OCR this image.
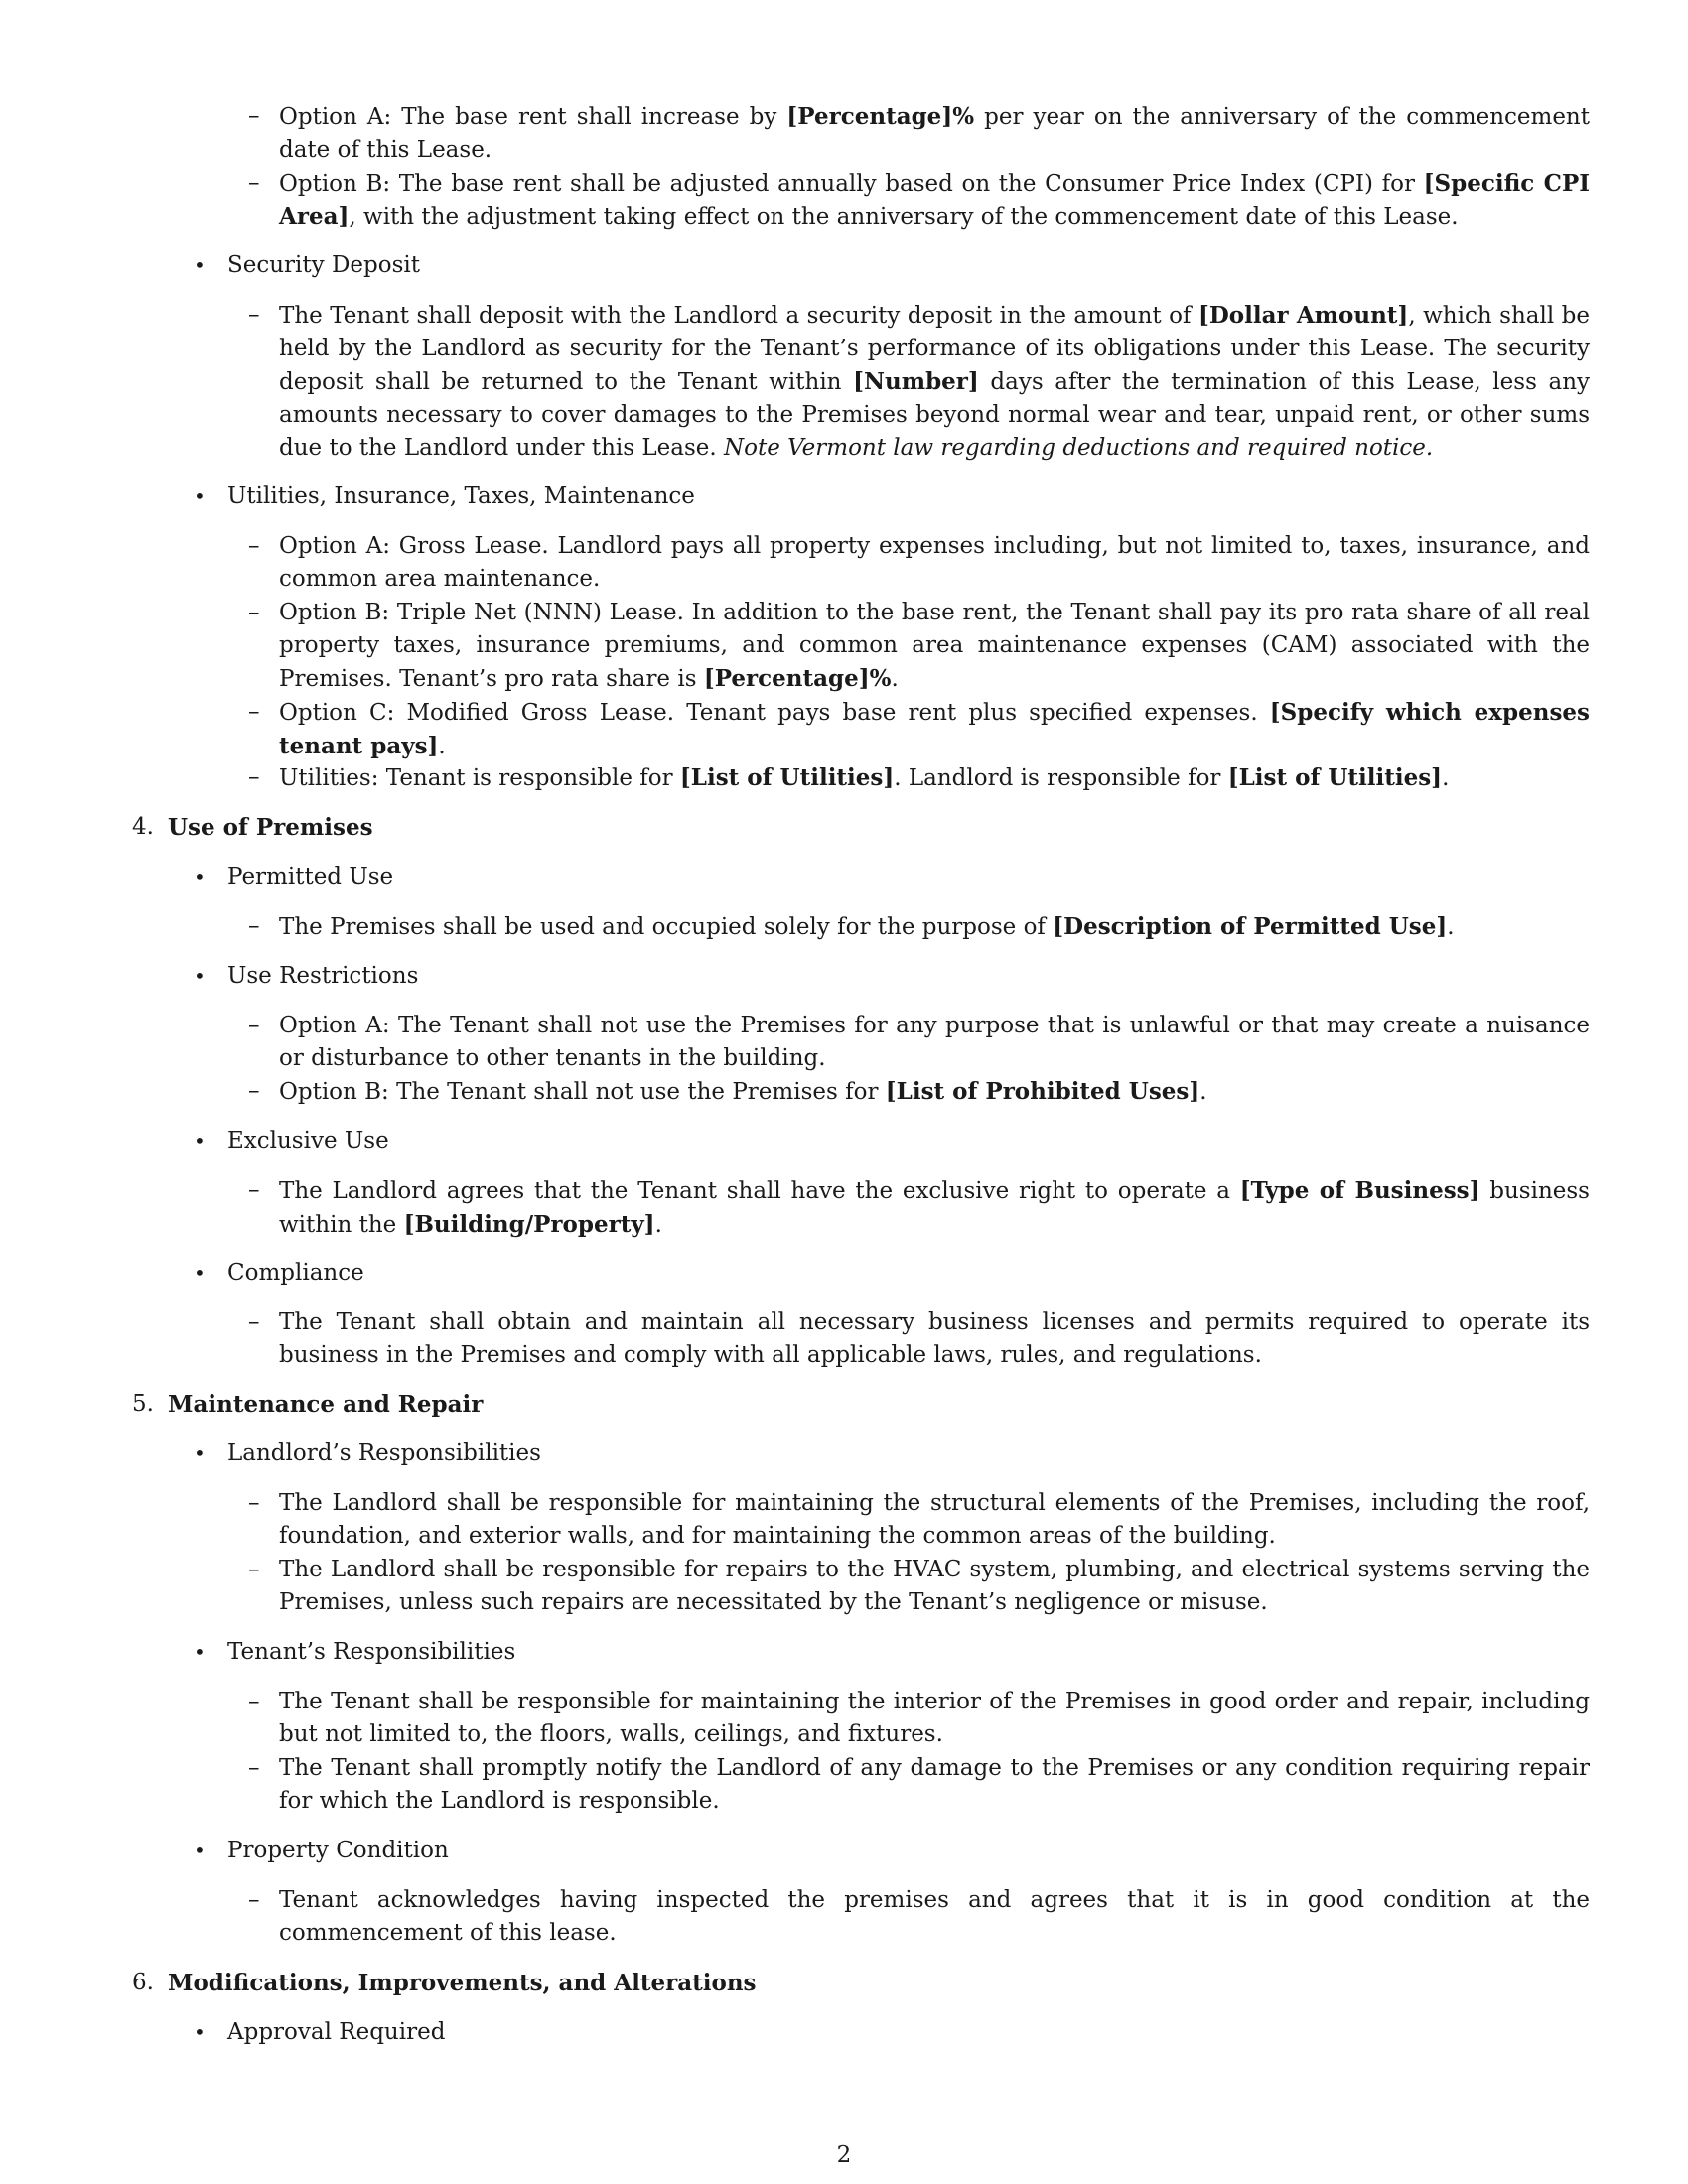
– Option A: The base rent shall increase by [Percentage]% per year on the anniversary of the commencement date of this Lease.

– Option B: The base rent shall be adjusted annually based on the Consumer Price Index (CPI) for [Specific CPI Area], with the adjustment taking effect on the anniversary of the commencement date of this Lease.

• Security Deposit
– The Tenant shall deposit with the Landlord a security deposit in the amount of [Dollar Amount], which shall be held by the Landlord as security for the Tenant’s performance of its obligations under this Lease. The security deposit shall be returned to the Tenant within [Number] days after the termination of this Lease, less any amounts necessary to cover damages to the Premises beyond normal wear and tear, unpaid rent, or other sums due to the Landlord under this Lease. Note Vermont law regarding deductions and required notice.

• Utilities, Insurance, Taxes, Maintenance
– Option A: Gross Lease. Landlord pays all property expenses including, but not limited to, taxes, insurance, and common area maintenance.

– Option B: Triple Net (NNN) Lease. In addition to the base rent, the Tenant shall pay its pro rata share of all real property taxes, insurance premiums, and common area maintenance expenses (CAM) associated with the Premises. Tenant’s pro rata share is [Percentage]%.

– Option C: Modified Gross Lease. Tenant pays base rent plus specified expenses. [Specify which expenses tenant pays].

– Utilities: Tenant is responsible for [List of Utilities]. Landlord is responsible for [List of Utilities].

4. Use of Premises
• Permitted Use
– The Premises shall be used and occupied solely for the purpose of [Description of Permitted Use].

• Use Restrictions
– Option A: The Tenant shall not use the Premises for any purpose that is unlawful or that may create a nuisance or disturbance to other tenants in the building.

– Option B: The Tenant shall not use the Premises for [List of Prohibited Uses].

• Exclusive Use
– The Landlord agrees that the Tenant shall have the exclusive right to operate a [Type of Business] business within the [Building/Property].

• Compliance
– The Tenant shall obtain and maintain all necessary business licenses and permits required to operate its business in the Premises and comply with all applicable laws, rules, and regulations.

5. Maintenance and Repair
• Landlord’s Responsibilities
– The Landlord shall be responsible for maintaining the structural elements of the Premises, including the roof, foundation, and exterior walls, and for maintaining the common areas of the building.

– The Landlord shall be responsible for repairs to the HVAC system, plumbing, and electrical systems serving the Premises, unless such repairs are necessitated by the Tenant’s negligence or misuse.

• Tenant’s Responsibilities
– The Tenant shall be responsible for maintaining the interior of the Premises in good order and repair, including but not limited to, the floors, walls, ceilings, and fixtures.

– The Tenant shall promptly notify the Landlord of any damage to the Premises or any condition requiring repair for which the Landlord is responsible.

• Property Condition
– Tenant acknowledges having inspected the premises and agrees that it is in good condition at the commencement of this lease.

6. Modifications, Improvements, and Alterations
• Approval Required
2
